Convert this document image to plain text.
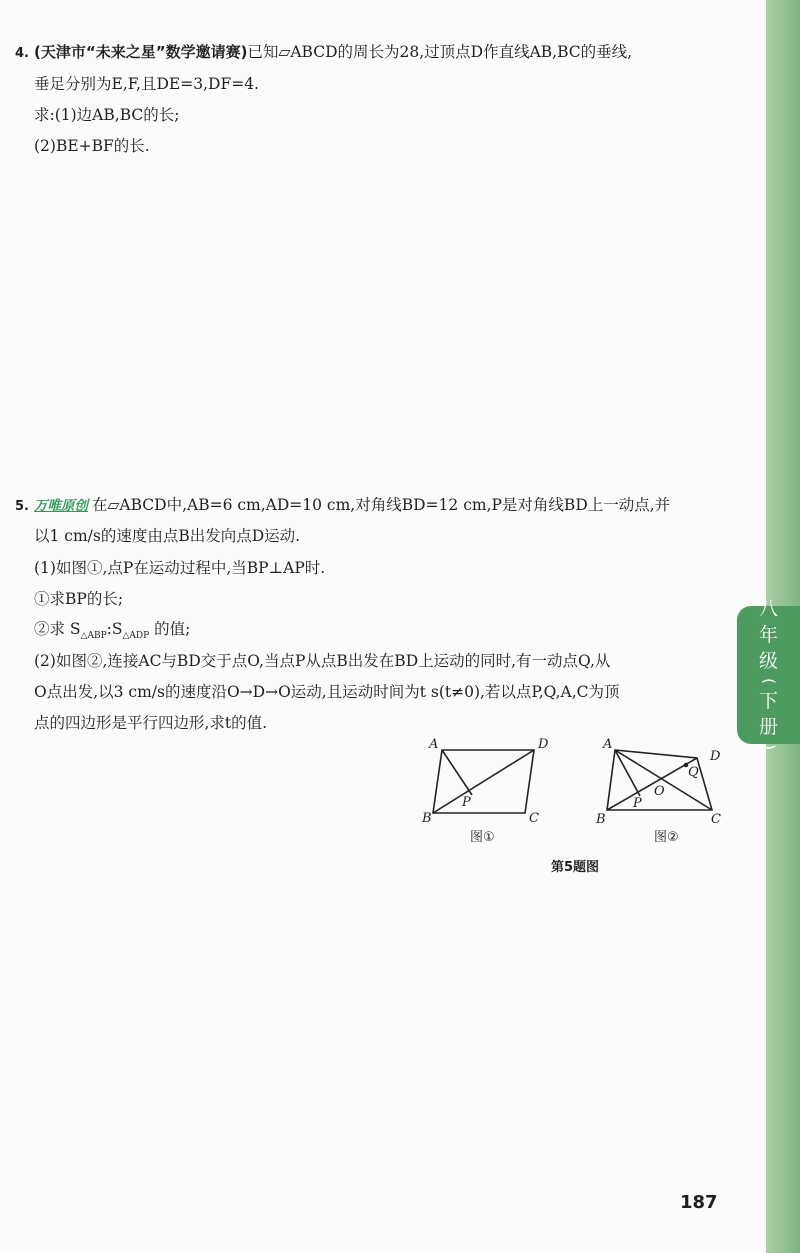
八
年
级
(
下
册
)
4. (天津市“未来之星”数学邀请赛)已知▱ABCD的周长为28,过顶点D作直线AB,BC的垂线,
垂足分别为E,F,且DE=3,DF=4.
求:(1)边AB,BC的长;
(2)BE+BF的长.
5. 万唯原创 在▱ABCD中,AB=6 cm,AD=10 cm,对角线BD=12 cm,P是对角线BD上一动点,并
以1 cm/s的速度由点B出发向点D运动.
(1)如图①,点P在运动过程中,当BP⊥AP时.
①求BP的长;
②求 $S_{\triangle ABP}:S_{\triangle ADP}$ 的值;
(2)如图②,连接AC与BD交于点O,当点P从点B出发在BD上运动的同时,有一动点Q,从
O点出发,以3 cm/s的速度沿O→D→O运动,且运动时间为t s(t≠0),若以点P,Q,A,C为顶
点的四边形是平行四边形,求t的值.
A	D
B	C
P
A
D
B	C
P
O
Q
图①	图②
第5题图
187
